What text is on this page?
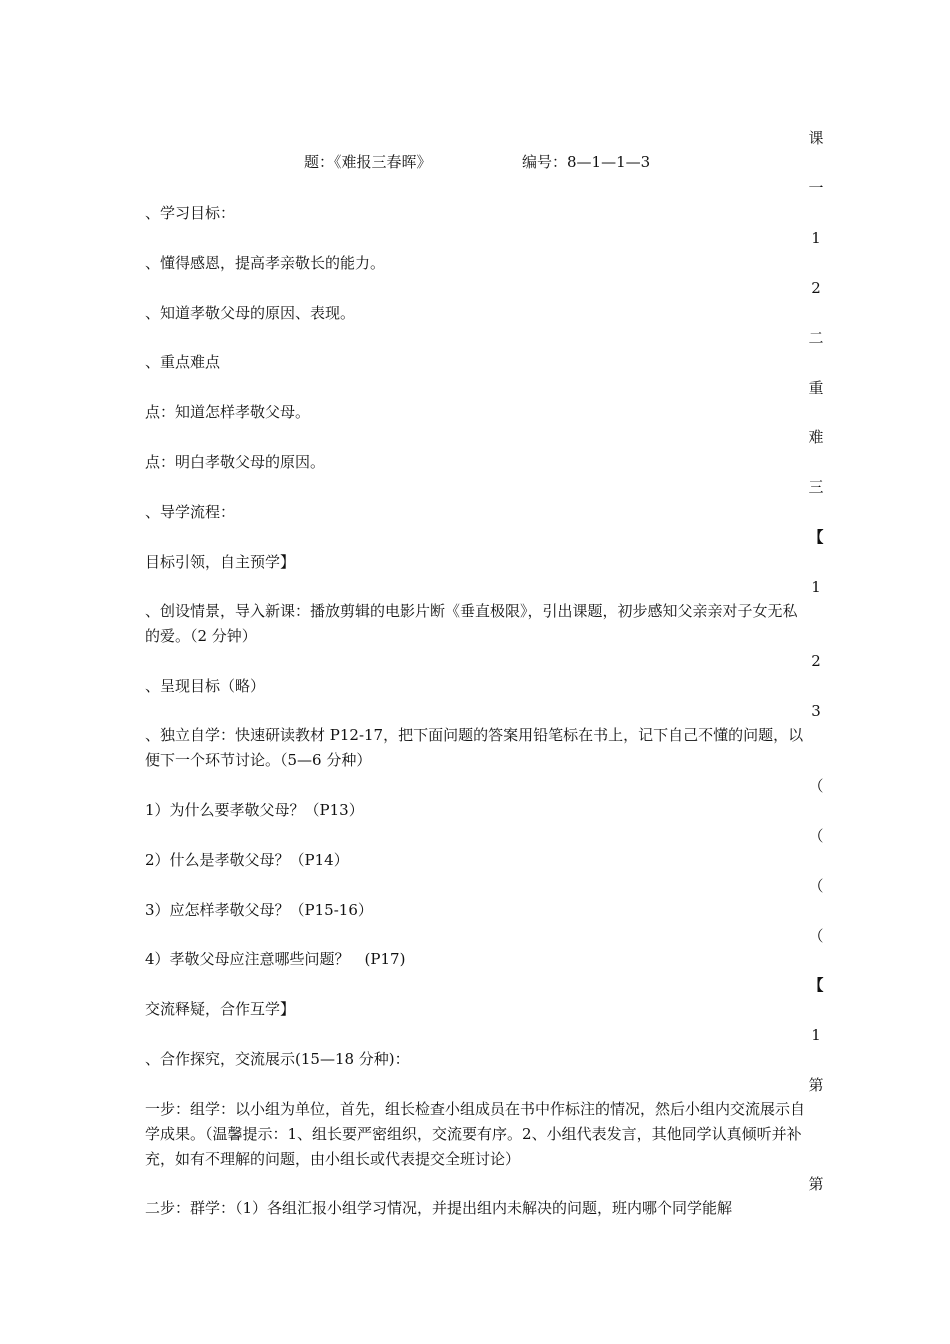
题：《难报三春晖》	编号：8—1—1—3
课
一
1
2
二
重
难
三
【
1
2
3
（
（
（
（
【
1
第
第
、学习目标：
、懂得感恩，提高孝亲敬长的能力。
、知道孝敬父母的原因、表现。
、重点难点
点：知道怎样孝敬父母。
点：明白孝敬父母的原因。
、导学流程：
目标引领，自主预学】
、创设情景，导入新课：播放剪辑的电影片断《垂直极限》，引出课题，初步感知父亲亲对子女无私的爱。（2 分钟）
、呈现目标（略）
、独立自学：快速研读教材 P12-17，把下面问题的答案用铅笔标在书上，记下自己不懂的问题，以便下一个环节讨论。（5—6 分种）
1）为什么要孝敬父母？（P13）
2）什么是孝敬父母？（P14）
3）应怎样孝敬父母？（P15-16）
4）孝敬父母应注意哪些问题？　(P17)
交流释疑，合作互学】
、合作探究，交流展示(15—18 分种)：
一步：组学：以小组为单位，首先，组长检查小组成员在书中作标注的情况，然后小组内交流展示自学成果。（温馨提示：1、组长要严密组织，交流要有序。2、小组代表发言，其他同学认真倾听并补充，如有不理解的问题，由小组长或代表提交全班讨论）
二步：群学：（1）各组汇报小组学习情况，并提出组内未解决的问题，班内哪个同学能解
